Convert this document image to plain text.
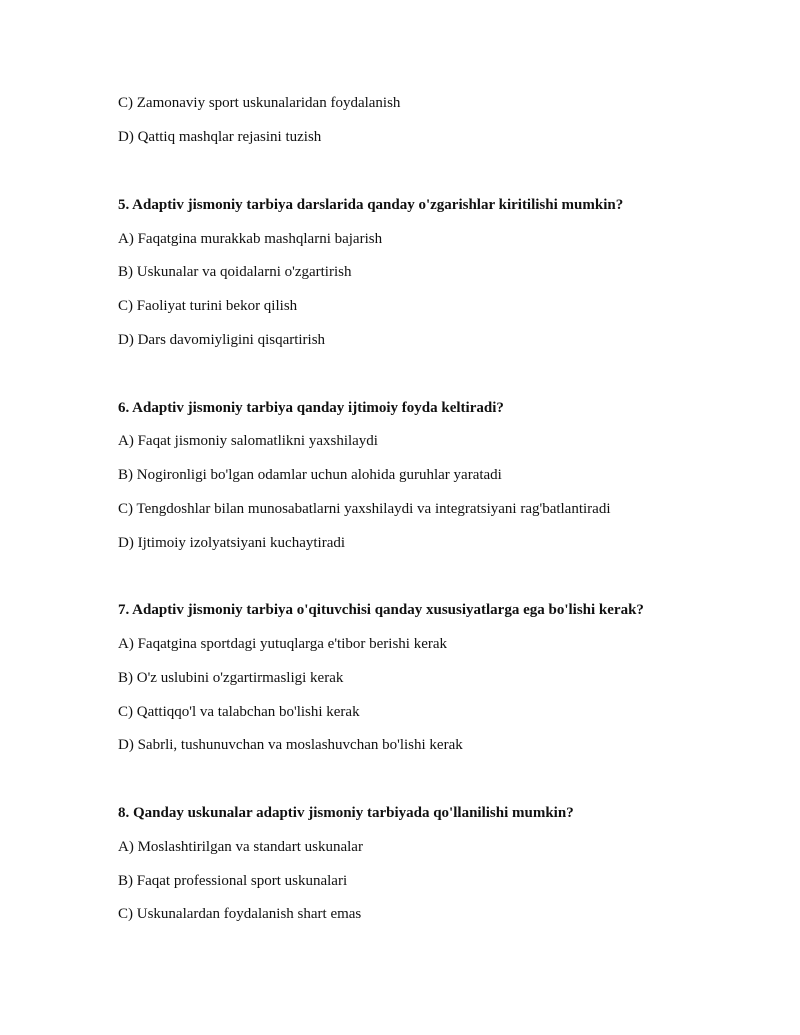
C) Zamonaviy sport uskunalaridan foydalanish
D) Qattiq mashqlar rejasini tuzish
5. Adaptiv jismoniy tarbiya darslarida qanday o'zgarishlar kiritilishi mumkin?
A) Faqatgina murakkab mashqlarni bajarish
B) Uskunalar va qoidalarni o'zgartirish
C) Faoliyat turini bekor qilish
D) Dars davomiyligini qisqartirish
6. Adaptiv jismoniy tarbiya qanday ijtimoiy foyda keltiradi?
A) Faqat jismoniy salomatlikni yaxshilaydi
B) Nogironligi bo'lgan odamlar uchun alohida guruhlar yaratadi
C) Tengdoshlar bilan munosabatlarni yaxshilaydi va integratsiyani rag'batlantiradi
D) Ijtimoiy izolyatsiyani kuchaytiradi
7. Adaptiv jismoniy tarbiya o'qituvchisi qanday xususiyatlarga ega bo'lishi kerak?
A) Faqatgina sportdagi yutuqlarga e'tibor berishi kerak
B) O'z uslubini o'zgartirmasligi kerak
C) Qattiqqo'l va talabchan bo'lishi kerak
D) Sabrli, tushunuvchan va moslashuvchan bo'lishi kerak
8. Qanday uskunalar adaptiv jismoniy tarbiyada qo'llanilishi mumkin?
A) Moslashtirilgan va standart uskunalar
B) Faqat professional sport uskunalari
C) Uskunalardan foydalanish shart emas
